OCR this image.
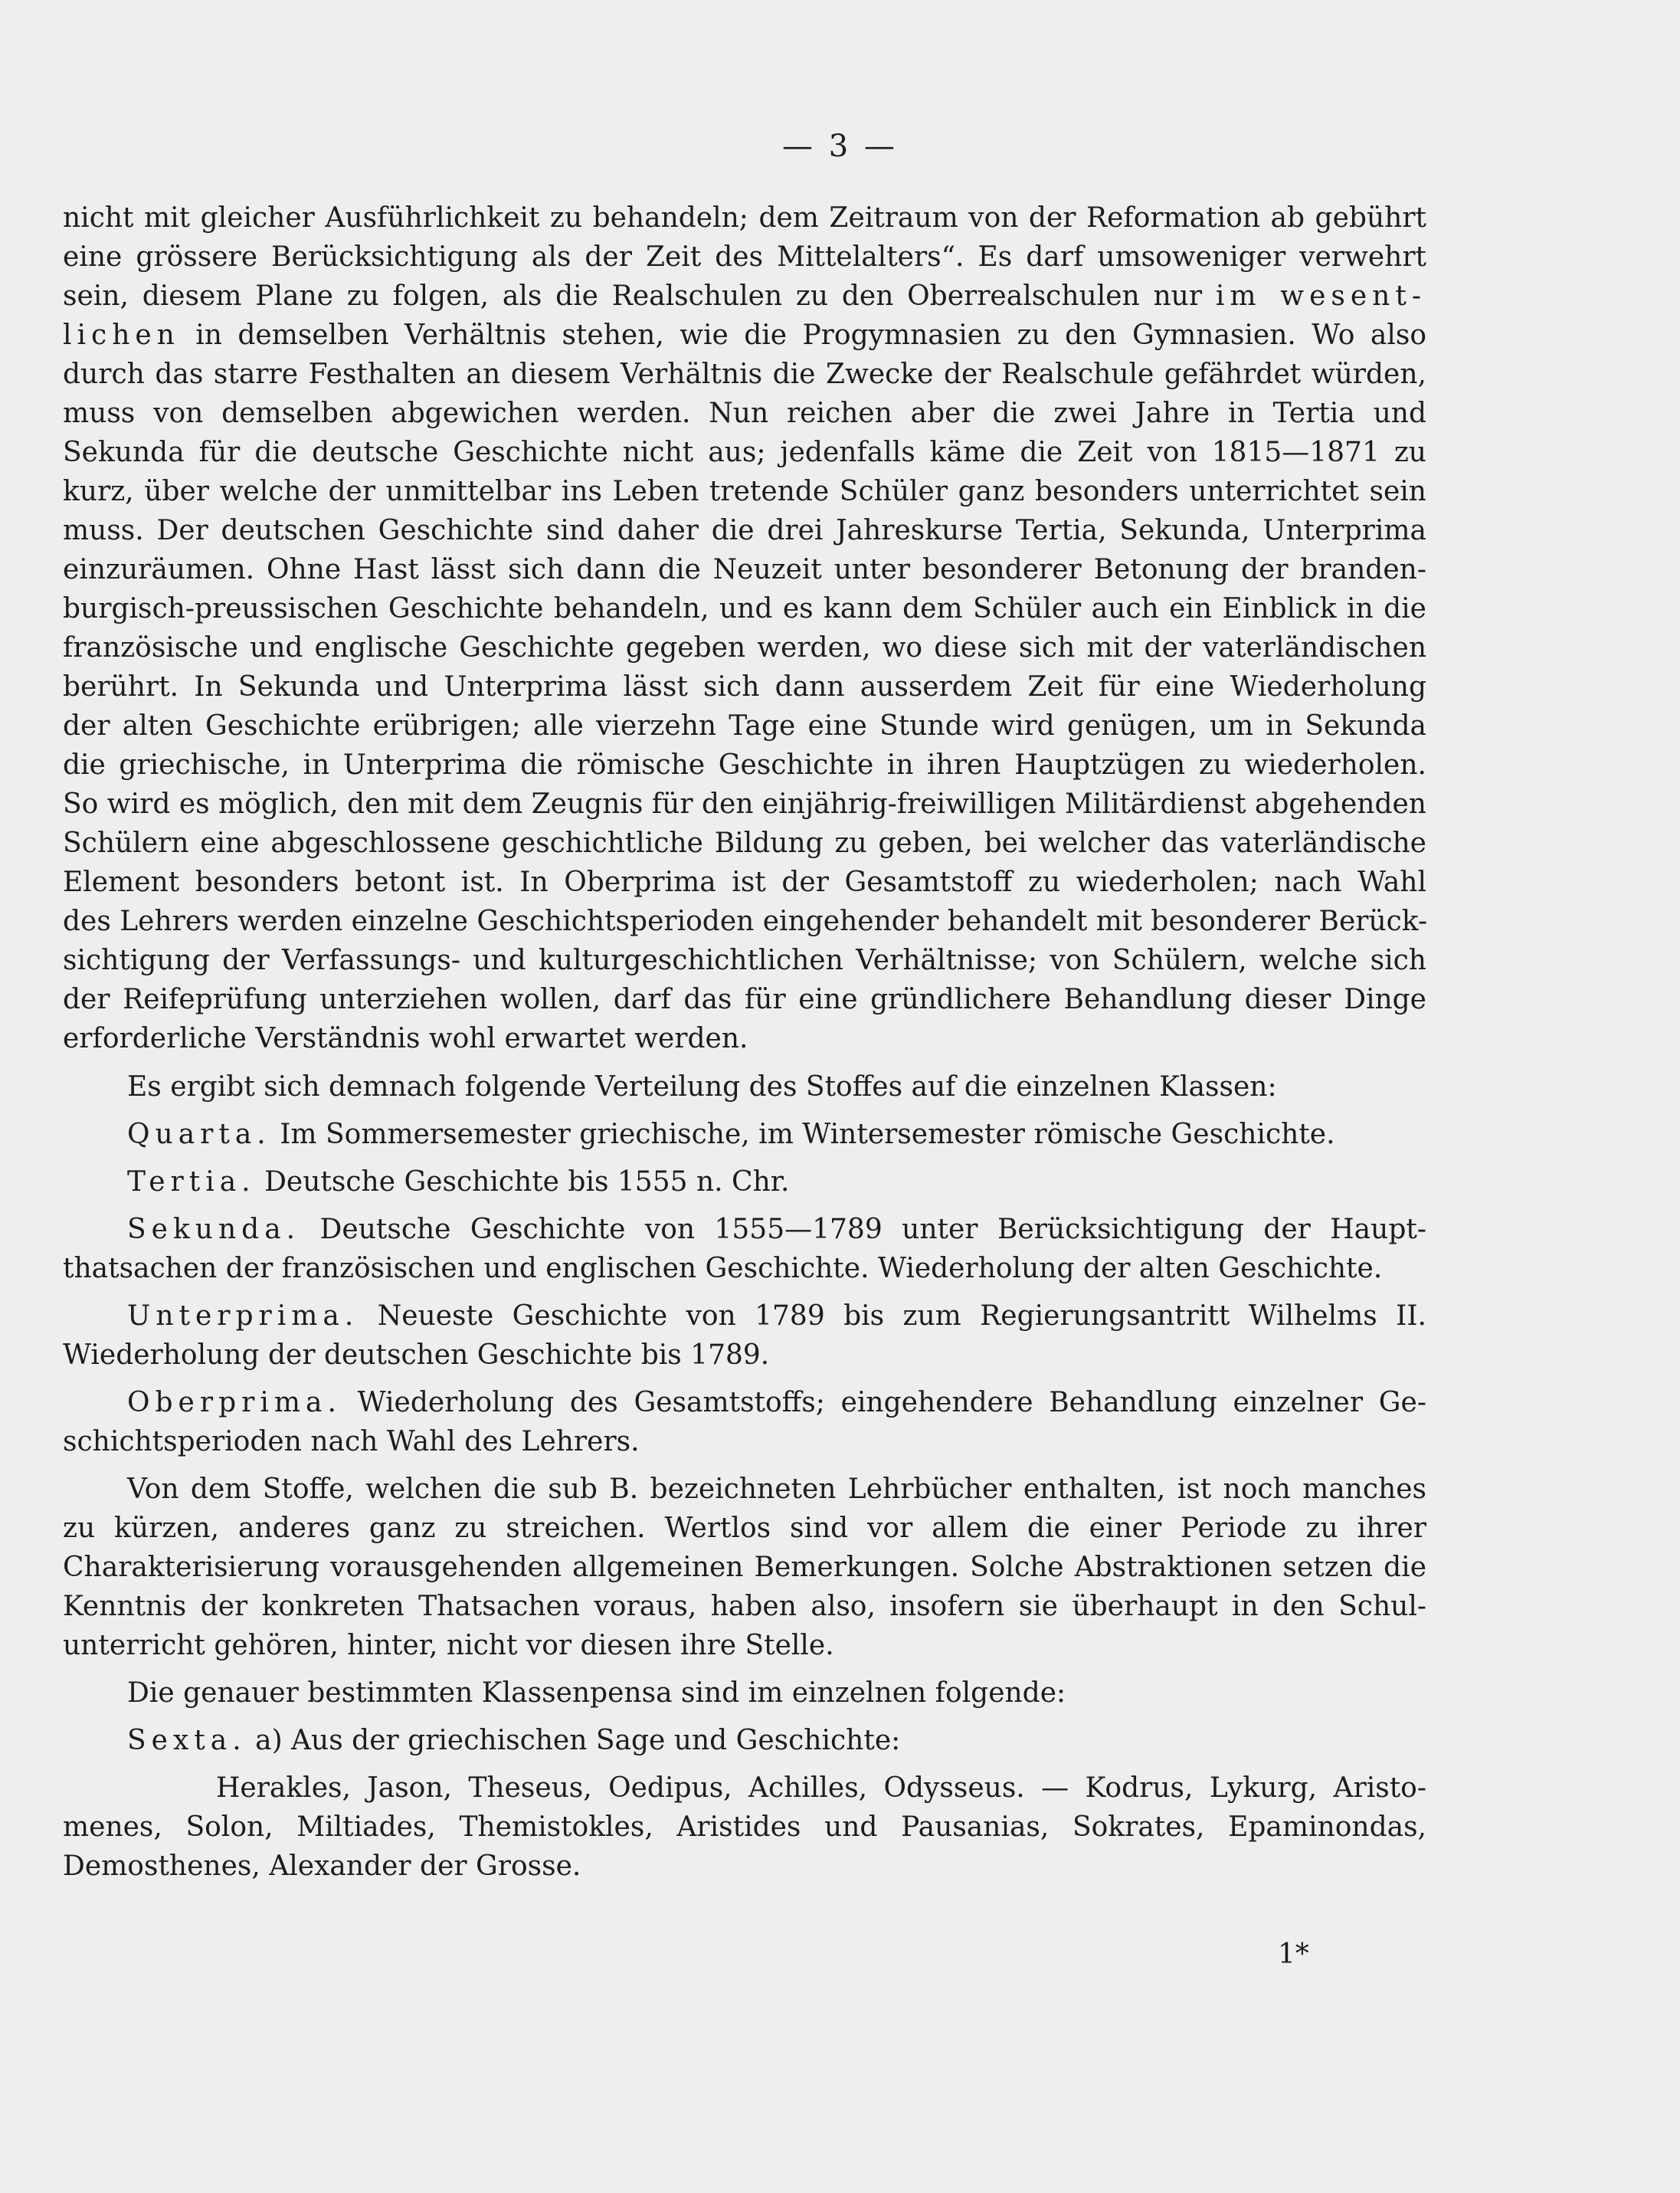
— 3 —
nicht mit gleicher Ausführlichkeit zu behandeln; dem Zeitraum von der Reformation ab gebührt
eine grössere Berücksichtigung als der Zeit des Mittelalters“. Es darf umsoweniger verwehrt
sein, diesem Plane zu folgen, als die Realschulen zu den Oberrealschulen nur im wesent-
lichen in demselben Verhältnis stehen, wie die Progymnasien zu den Gymnasien. Wo also
durch das starre Festhalten an diesem Verhältnis die Zwecke der Realschule gefährdet würden,
muss von demselben abgewichen werden. Nun reichen aber die zwei Jahre in Tertia und
Sekunda für die deutsche Geschichte nicht aus; jedenfalls käme die Zeit von 1815—1871 zu
kurz, über welche der unmittelbar ins Leben tretende Schüler ganz besonders unterrichtet sein
muss. Der deutschen Geschichte sind daher die drei Jahreskurse Tertia, Sekunda, Unterprima
einzuräumen. Ohne Hast lässt sich dann die Neuzeit unter besonderer Betonung der branden-
burgisch-preussischen Geschichte behandeln, und es kann dem Schüler auch ein Einblick in die
französische und englische Geschichte gegeben werden, wo diese sich mit der vaterländischen
berührt. In Sekunda und Unterprima lässt sich dann ausserdem Zeit für eine Wiederholung
der alten Geschichte erübrigen; alle vierzehn Tage eine Stunde wird genügen, um in Sekunda
die griechische, in Unterprima die römische Geschichte in ihren Hauptzügen zu wiederholen.
So wird es möglich, den mit dem Zeugnis für den einjährig-freiwilligen Militärdienst abgehenden
Schülern eine abgeschlossene geschichtliche Bildung zu geben, bei welcher das vaterländische
Element besonders betont ist. In Oberprima ist der Gesamtstoff zu wiederholen; nach Wahl
des Lehrers werden einzelne Geschichtsperioden eingehender behandelt mit besonderer Berück-
sichtigung der Verfassungs- und kulturgeschichtlichen Verhältnisse; von Schülern, welche sich
der Reifeprüfung unterziehen wollen, darf das für eine gründlichere Behandlung dieser Dinge
erforderliche Verständnis wohl erwartet werden.
Es ergibt sich demnach folgende Verteilung des Stoffes auf die einzelnen Klassen:
Quarta. Im Sommersemester griechische, im Wintersemester römische Geschichte.
Tertia. Deutsche Geschichte bis 1555 n. Chr.
Sekunda. Deutsche Geschichte von 1555—1789 unter Berücksichtigung der Haupt-
thatsachen der französischen und englischen Geschichte. Wiederholung der alten Geschichte.
Unterprima. Neueste Geschichte von 1789 bis zum Regierungsantritt Wilhelms II.
Wiederholung der deutschen Geschichte bis 1789.
Oberprima. Wiederholung des Gesamtstoffs; eingehendere Behandlung einzelner Ge-
schichtsperioden nach Wahl des Lehrers.
Von dem Stoffe, welchen die sub B. bezeichneten Lehrbücher enthalten, ist noch manches
zu kürzen, anderes ganz zu streichen. Wertlos sind vor allem die einer Periode zu ihrer
Charakterisierung vorausgehenden allgemeinen Bemerkungen. Solche Abstraktionen setzen die
Kenntnis der konkreten Thatsachen voraus, haben also, insofern sie überhaupt in den Schul-
unterricht gehören, hinter, nicht vor diesen ihre Stelle.
Die genauer bestimmten Klassenpensa sind im einzelnen folgende:
Sexta. a) Aus der griechischen Sage und Geschichte:
Herakles, Jason, Theseus, Oedipus, Achilles, Odysseus. — Kodrus, Lykurg, Aristo-
menes, Solon, Miltiades, Themistokles, Aristides und Pausanias, Sokrates, Epaminondas,
Demosthenes, Alexander der Grosse.
1*
